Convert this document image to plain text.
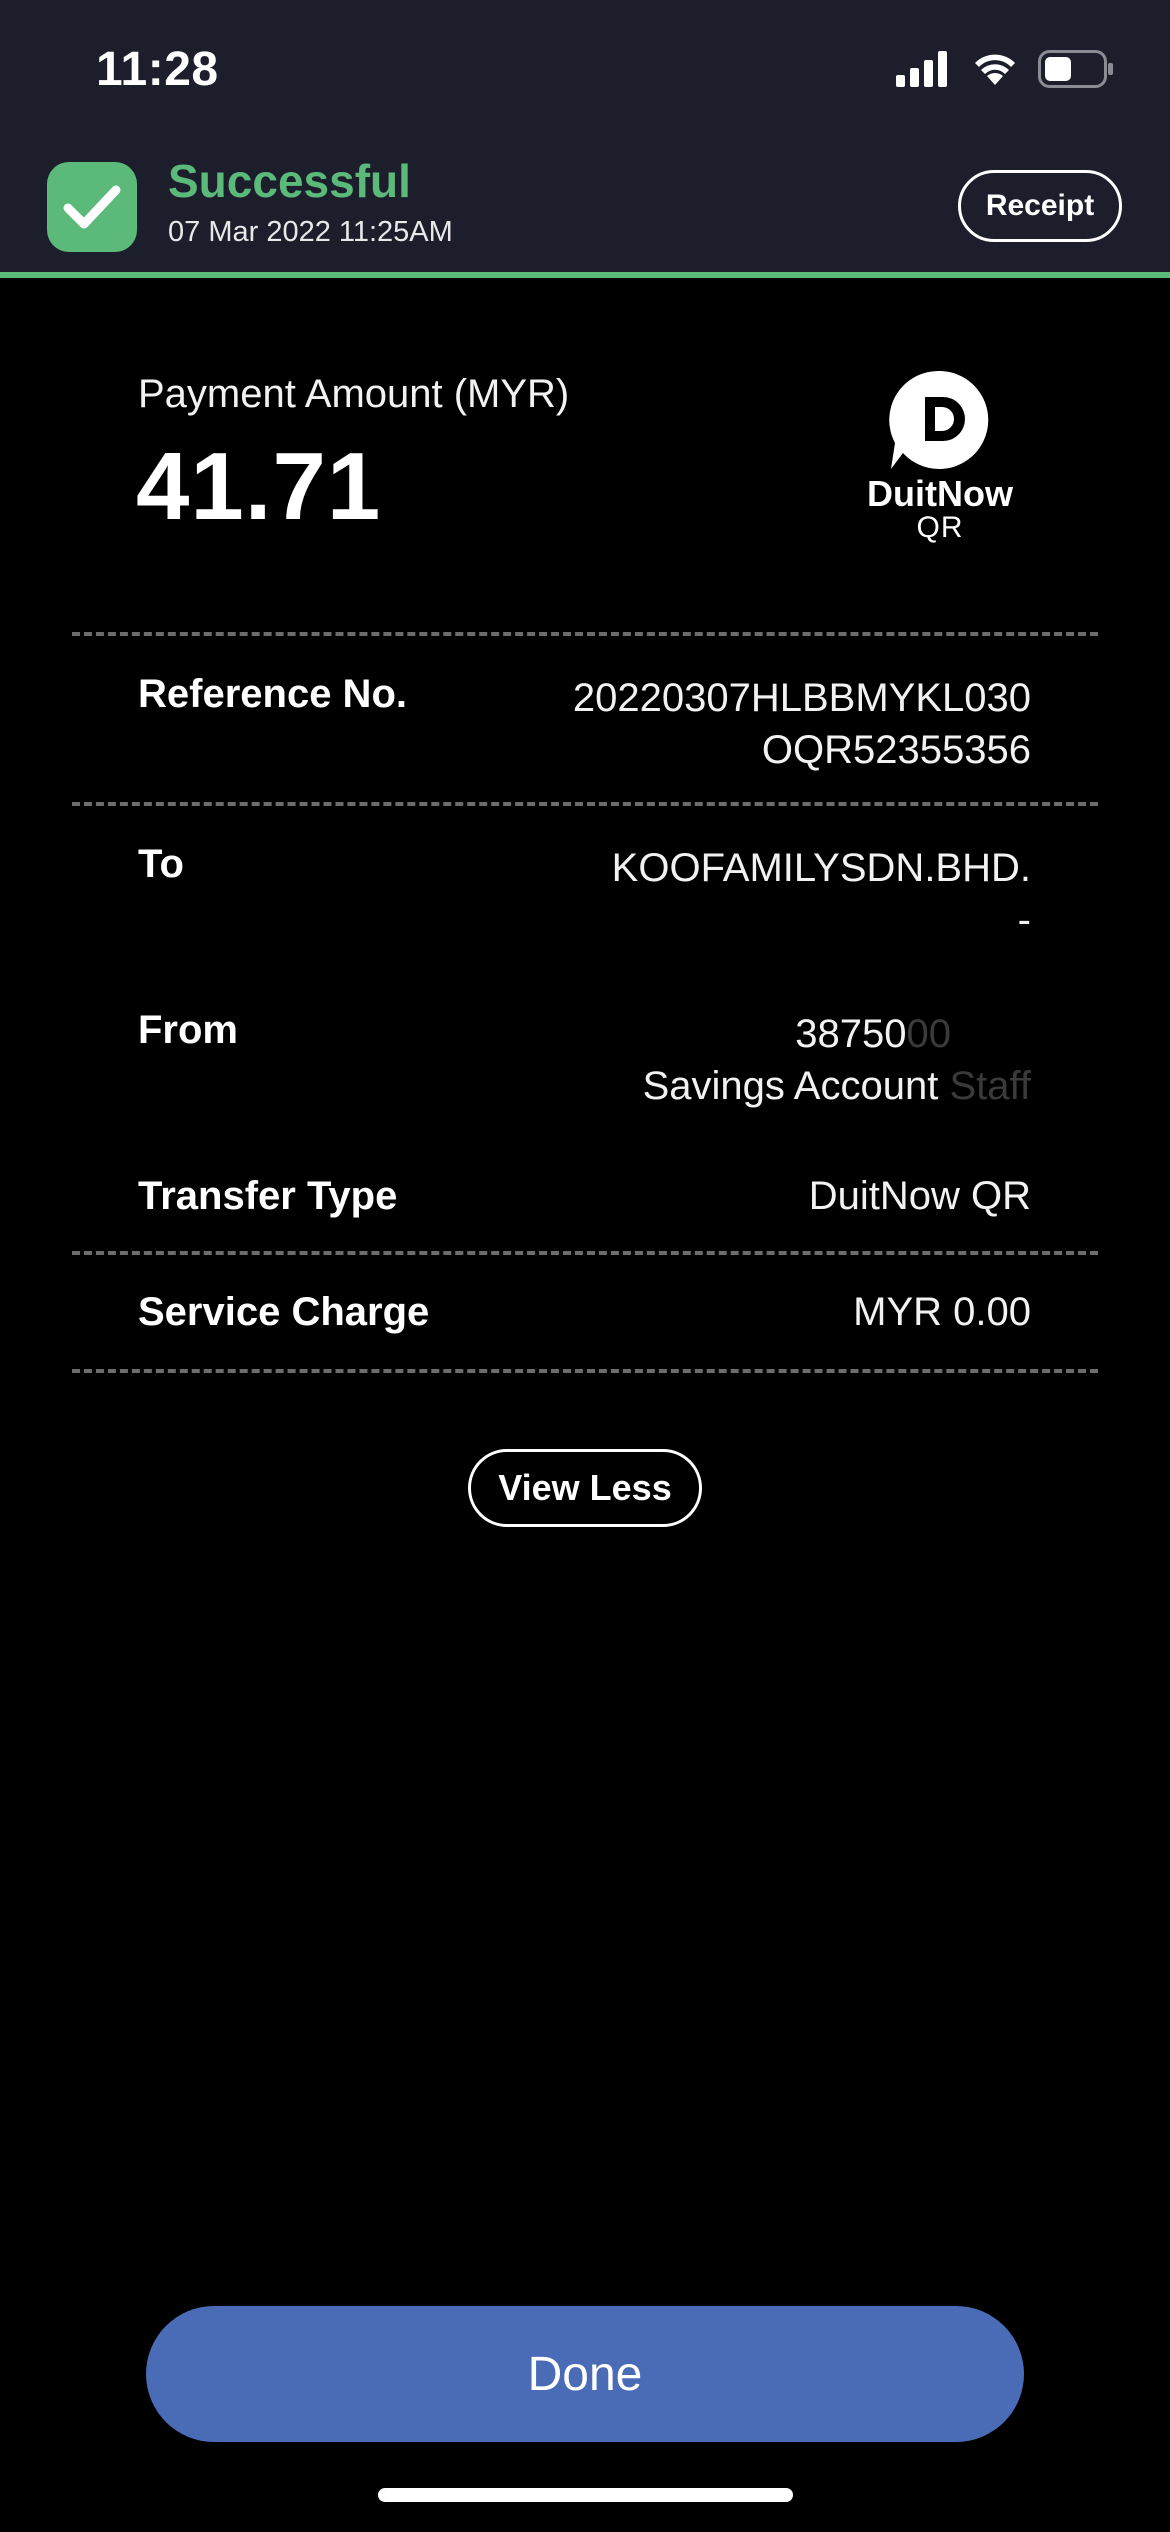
11:28
Successful
07 Mar 2022 11:25AM
Receipt
Payment Amount (MYR)
41.71	DuitNow
QR
Reference No.	20220307HLBBMYKL030
OQR52355356
To	KOOFAMILYSDN.BHD.
-
From	3875000  
Savings Account Staff
Transfer Type	DuitNow QR
Service Charge	MYR 0.00
View Less
Done
